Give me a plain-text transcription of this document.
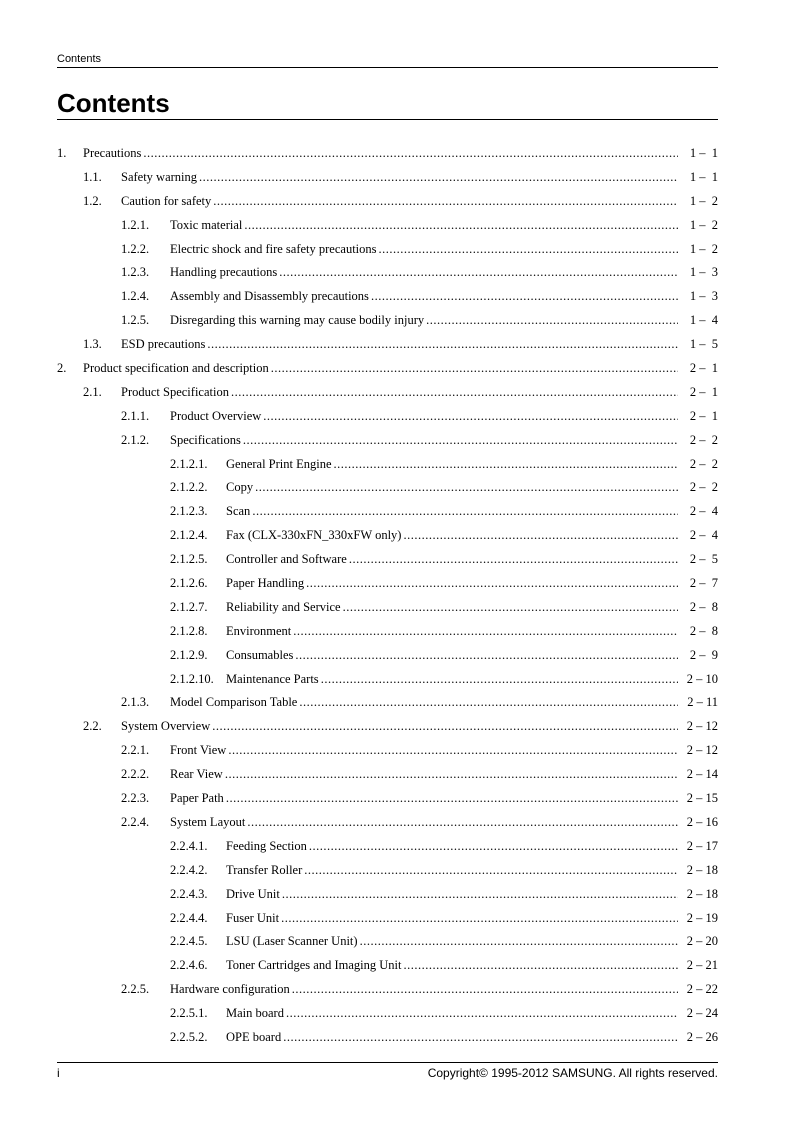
Contents
Contents
1. Precautions .....	1 –  1
1.1. Safety warning .....	1 –  1
1.2. Caution for safety .....	1 –  2
1.2.1. Toxic material .....	1 –  2
1.2.2. Electric shock and fire safety precautions .....	1 –  2
1.2.3. Handling precautions .....	1 –  3
1.2.4. Assembly and Disassembly precautions .....	1 –  3
1.2.5. Disregarding this warning may cause bodily injury .....	1 –  4
1.3. ESD precautions .....	1 –  5
2. Product specification and description .....	2 –  1
2.1. Product Specification .....	2 –  1
2.1.1. Product Overview .....	2 –  1
2.1.2. Specifications .....	2 –  2
2.1.2.1. General Print Engine .....	2 –  2
2.1.2.2. Copy .....	2 –  2
2.1.2.3. Scan .....	2 –  4
2.1.2.4. Fax (CLX-330xFN_330xFW only) .....	2 –  4
2.1.2.5. Controller and Software .....	2 –  5
2.1.2.6. Paper Handling .....	2 –  7
2.1.2.7. Reliability and Service .....	2 –  8
2.1.2.8. Environment .....	2 –  8
2.1.2.9. Consumables .....	2 –  9
2.1.2.10. Maintenance Parts .....	2 – 10
2.1.3. Model Comparison Table .....	2 – 11
2.2. System Overview .....	2 – 12
2.2.1. Front View .....	2 – 12
2.2.2. Rear View .....	2 – 14
2.2.3. Paper Path .....	2 – 15
2.2.4. System Layout .....	2 – 16
2.2.4.1. Feeding Section .....	2 – 17
2.2.4.2. Transfer Roller .....	2 – 18
2.2.4.3. Drive Unit .....	2 – 18
2.2.4.4. Fuser Unit .....	2 – 19
2.2.4.5. LSU (Laser Scanner Unit) .....	2 – 20
2.2.4.6. Toner Cartridges and Imaging Unit .....	2 – 21
2.2.5. Hardware configuration .....	2 – 22
2.2.5.1. Main board .....	2 – 24
2.2.5.2. OPE board .....	2 – 26
i	Copyright© 1995-2012 SAMSUNG. All rights reserved.
